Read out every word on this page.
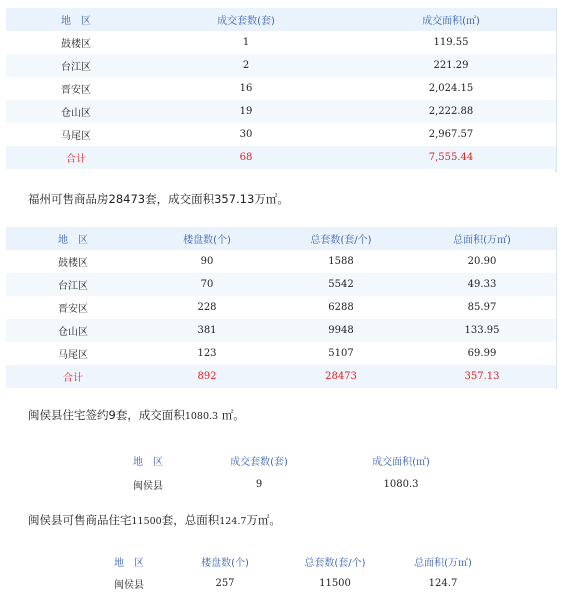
地　区	成交套数(套)	成交面积(㎡)
鼓楼区	1	119.55
台江区	2	221.29
晋安区	16	2,024.15
仓山区	19	2,222.88
马尾区	30	2,967.57
合计	68	7,555.44
福州可售商品房28473套，成交面积357.13万㎡。
地　区	楼盘数(个)	总套数(套/个)	总面积(万㎡)
鼓楼区	90	1588	20.90
台江区	70	5542	49.33
晋安区	228	6288	85.97
仓山区	381	9948	133.95
马尾区	123	5107	69.99
合计	892	28473	357.13
闽侯县住宅签约9套，成交面积1080.3 ㎡。
地　区	成交套数(套)	成交面积(㎡)
闽侯县	9	1080.3
闽侯县可售商品住宅11500套，总面积124.7万㎡。
地　区	楼盘数(个)	总套数(套/个)	总面积(万㎡)
闽侯县	257	11500	124.7
